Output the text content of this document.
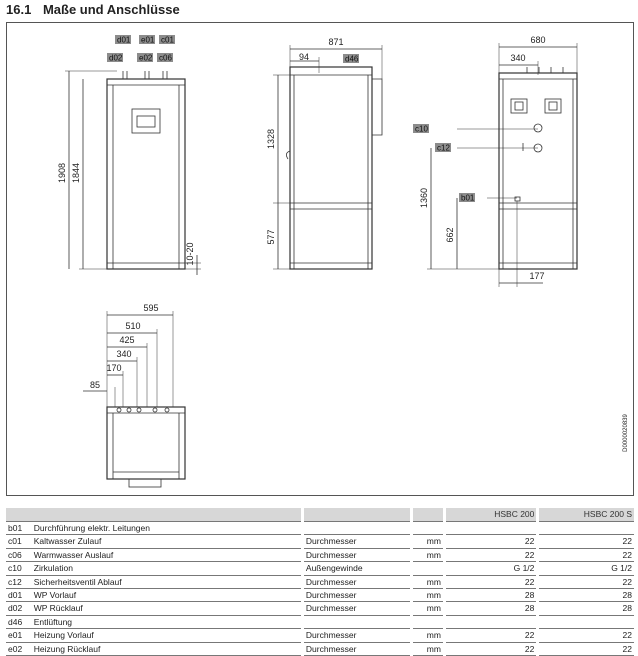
16.1 Maße und Anschlüsse
d01 e01 c01
d02 e02 c06
1908 1844
10-20
871
94	d46
1328
577
680
340
c10
c12
b01
1360
662
177
595
510
425
340
170
85
D0000020839
							HSBC 200		HSBC 200 S
b01	Durchführung elektr. Leitungen								
c01	Kaltwasser Zulauf		Durchmesser		mm		22		22
c06	Warmwasser Auslauf		Durchmesser		mm		22		22
c10	Zirkulation		Außengewinde				G 1/2		G 1/2
c12	Sicherheitsventil Ablauf		Durchmesser		mm		22		22
d01	WP Vorlauf		Durchmesser		mm		28		28
d02	WP Rücklauf		Durchmesser		mm		28		28
d46	Entlüftung								
e01	Heizung Vorlauf		Durchmesser		mm		22		22
e02	Heizung Rücklauf		Durchmesser		mm		22		22
